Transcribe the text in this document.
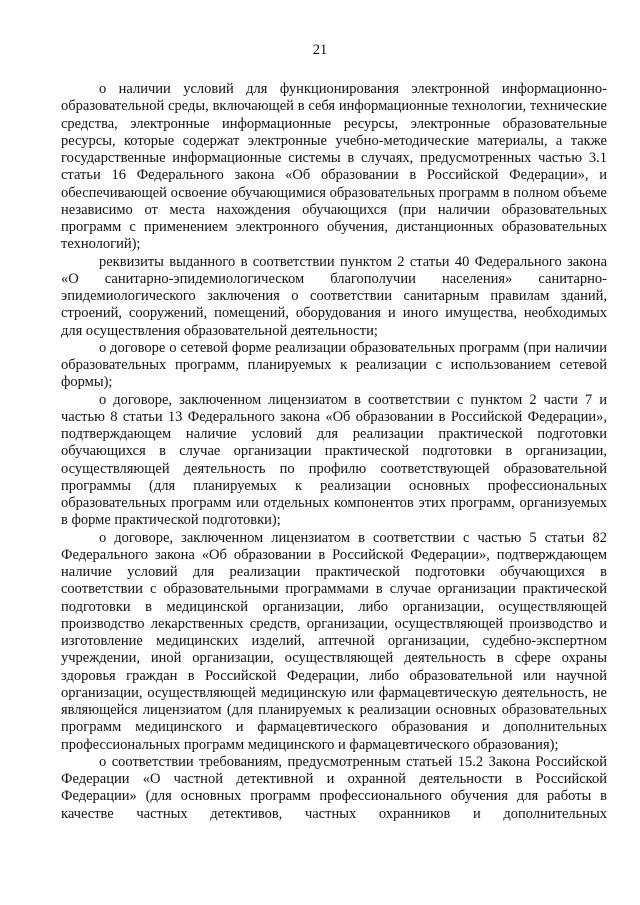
21

о наличии условий для функционирования электронной информационно-образовательной среды, включающей в себя информационные технологии, технические средства, электронные информационные ресурсы, электронные образовательные ресурсы, которые содержат электронные учебно-методические материалы, а также государственные информационные системы в случаях, предусмотренных частью 3.1 статьи 16 Федерального закона «Об образовании в Российской Федерации», и обеспечивающей освоение обучающимися образовательных программ в полном объеме независимо от места нахождения обучающихся (при наличии образовательных программ с применением электронного обучения, дистанционных образовательных технологий);

реквизиты выданного в соответствии пунктом 2 статьи 40 Федерального закона «О санитарно-эпидемиологическом благополучии населения» санитарно-эпидемиологического заключения о соответствии санитарным правилам зданий, строений, сооружений, помещений, оборудования и иного имущества, необходимых для осуществления образовательной деятельности;

о договоре о сетевой форме реализации образовательных программ (при наличии образовательных программ, планируемых к реализации с использованием сетевой формы);

о договоре, заключенном лицензиатом в соответствии с пунктом 2 части 7 и частью 8 статьи 13 Федерального закона «Об образовании в Российской Федерации», подтверждающем наличие условий для реализации практической подготовки обучающихся в случае организации практической подготовки в организации, осуществляющей деятельность по профилю соответствующей образовательной программы (для планируемых к реализации основных профессиональных образовательных программ или отдельных компонентов этих программ, организуемых в форме практической подготовки);

о договоре, заключенном лицензиатом в соответствии с частью 5 статьи 82 Федерального закона «Об образовании в Российской Федерации», подтверждающем наличие условий для реализации практической подготовки обучающихся в соответствии с образовательными программами в случае организации практической подготовки в медицинской организации, либо организации, осуществляющей производство лекарственных средств, организации, осуществляющей производство и изготовление медицинских изделий, аптечной организации, судебно-экспертном учреждении, иной организации, осуществляющей деятельность в сфере охраны здоровья граждан в Российской Федерации, либо образовательной или научной организации, осуществляющей медицинскую или фармацевтическую деятельность, не являющейся лицензиатом (для планируемых к реализации основных образовательных программ медицинского и фармацевтического образования и дополнительных профессиональных программ медицинского и фармацевтического образования);

о соответствии требованиям, предусмотренным статьей 15.2 Закона Российской Федерации «О частной детективной и охранной деятельности в Российской Федерации» (для основных программ профессионального обучения для работы в качестве частных детективов, частных охранников и дополнительных
